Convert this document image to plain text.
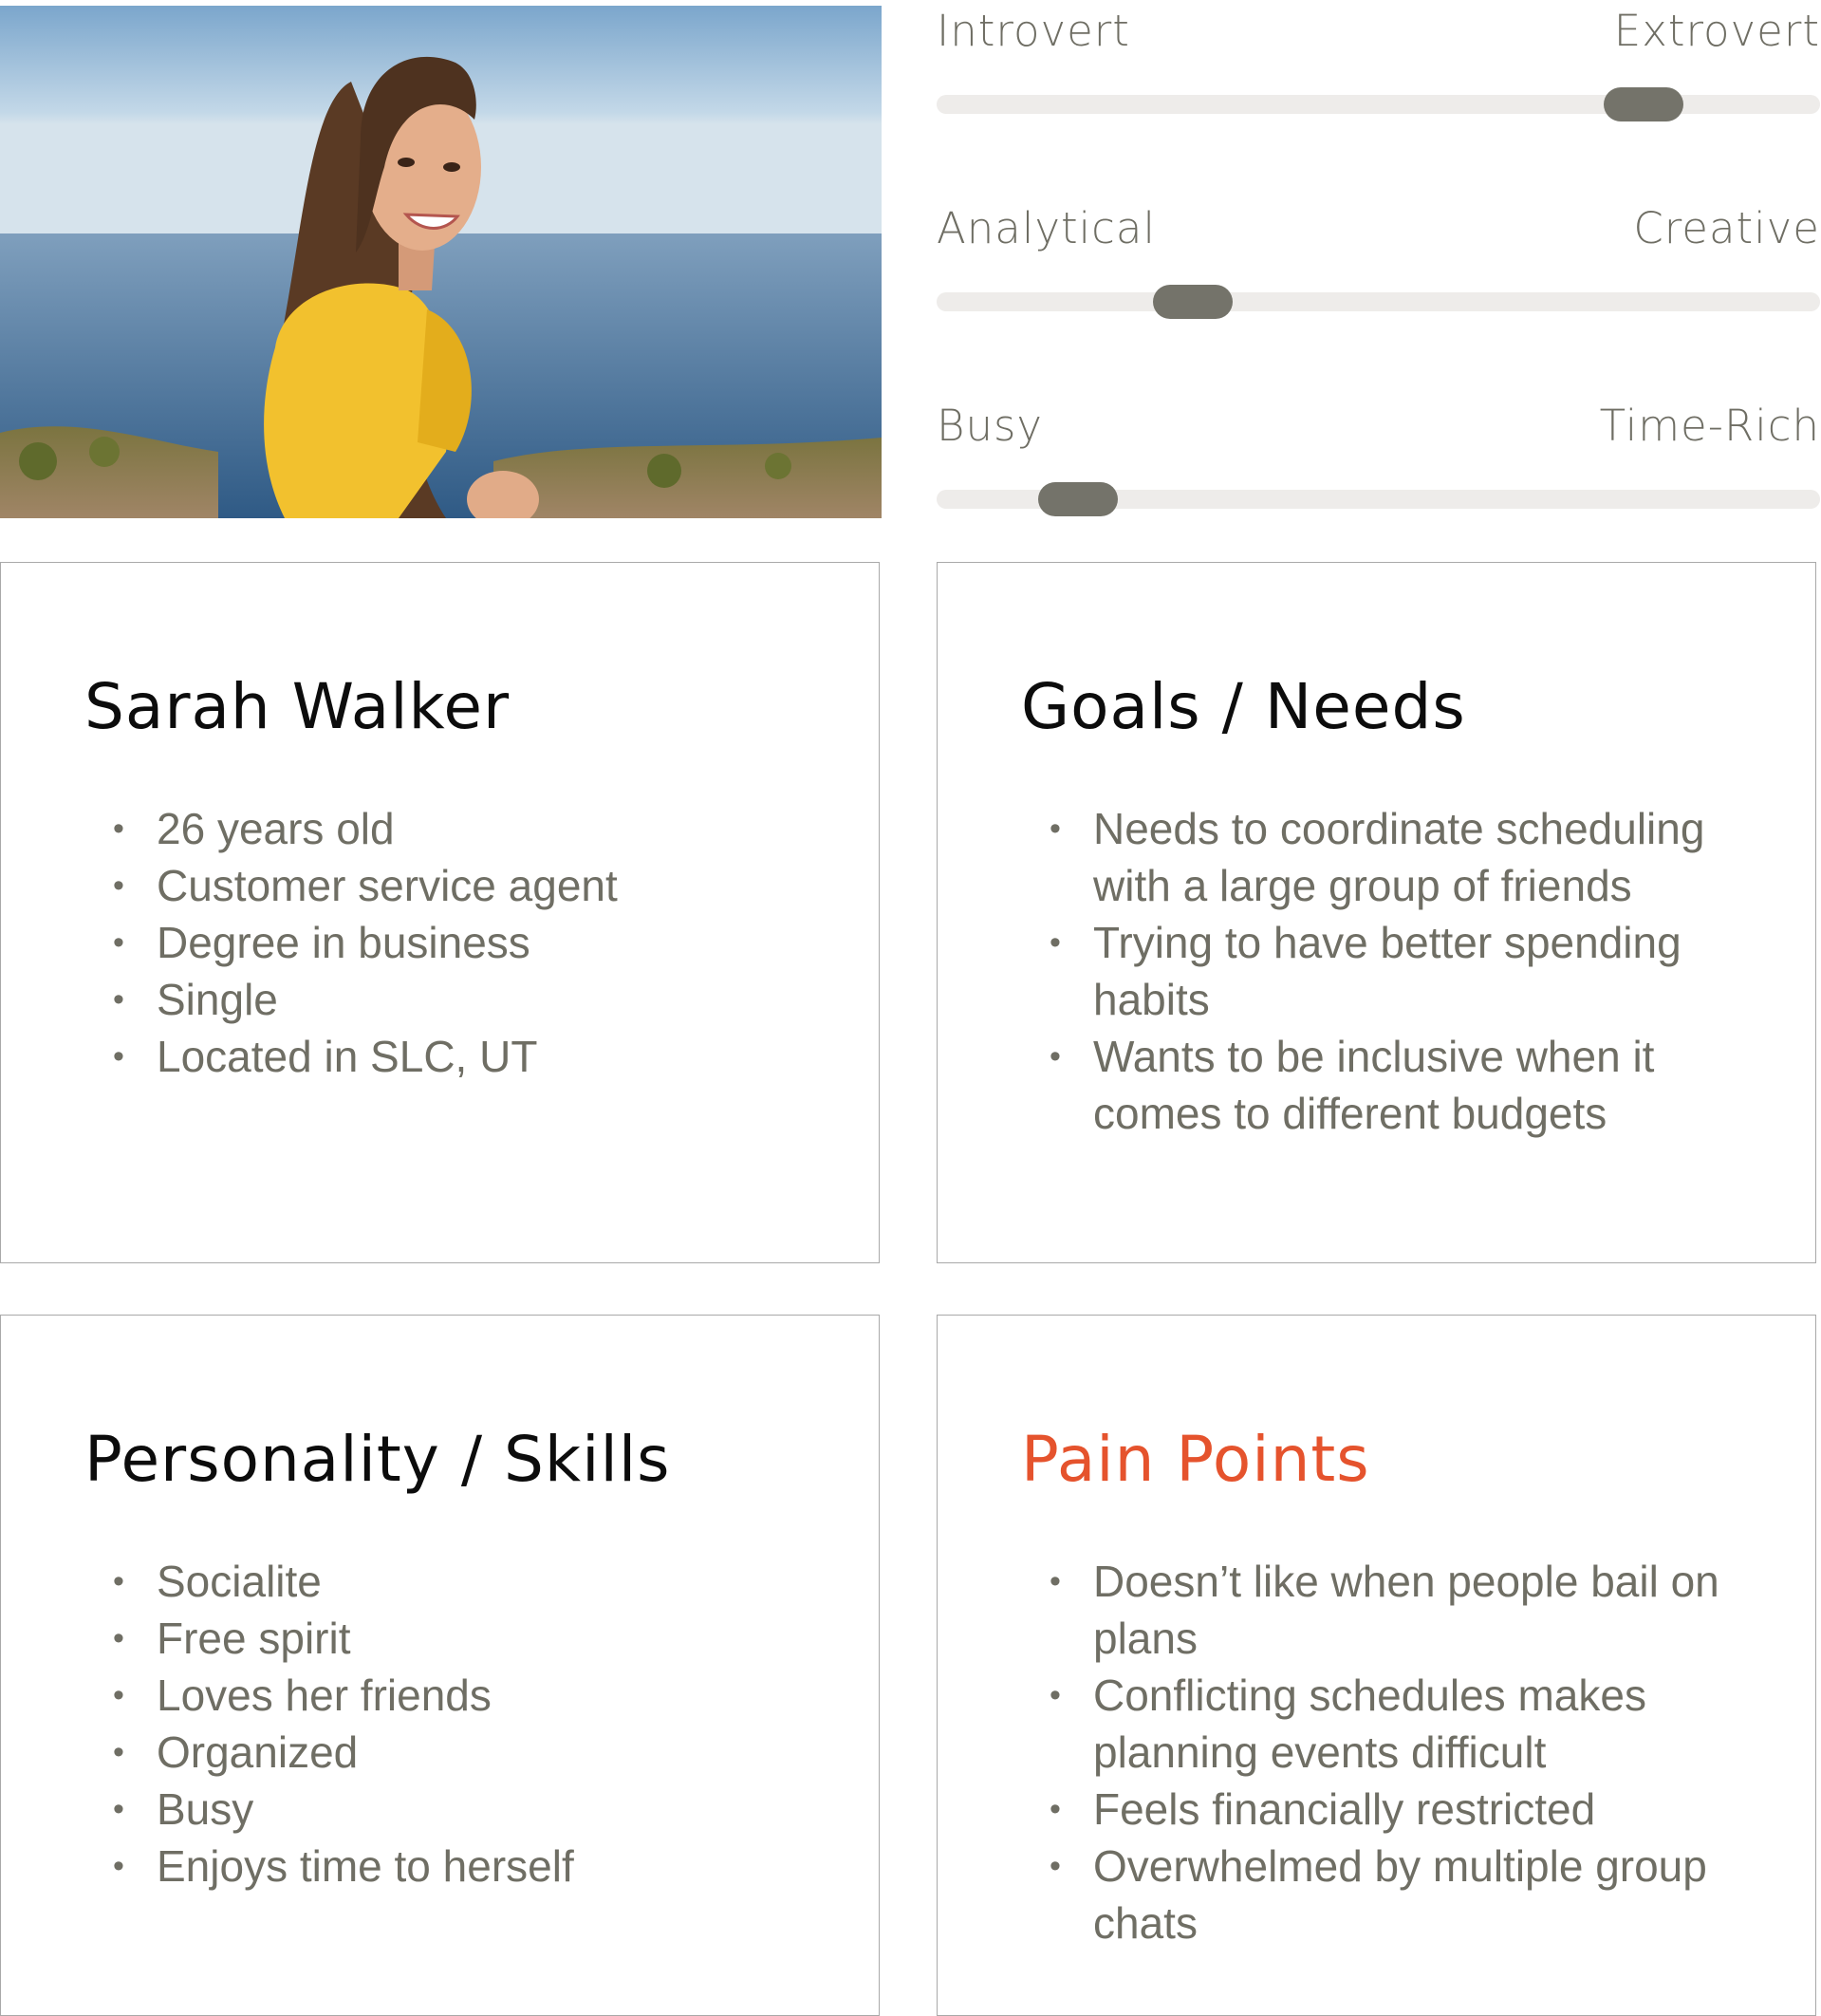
Introvert	Extrovert
Analytical	Creative
Busy	Time-Rich
Sarah Walker
• 26 years old
• Customer service agent
• Degree in business
• Single
• Located in SLC, UT
Goals / Needs
• Needs to coordinate scheduling with a large group of friends
• Trying to have better spending habits
• Wants to be inclusive when it comes to different budgets
Personality / Skills
• Socialite
• Free spirit
• Loves her friends
• Organized
• Busy
• Enjoys time to herself
Pain Points
• Doesn’t like when people bail on plans
• Conflicting schedules makes planning events difficult
• Feels financially restricted
• Overwhelmed by multiple group chats
